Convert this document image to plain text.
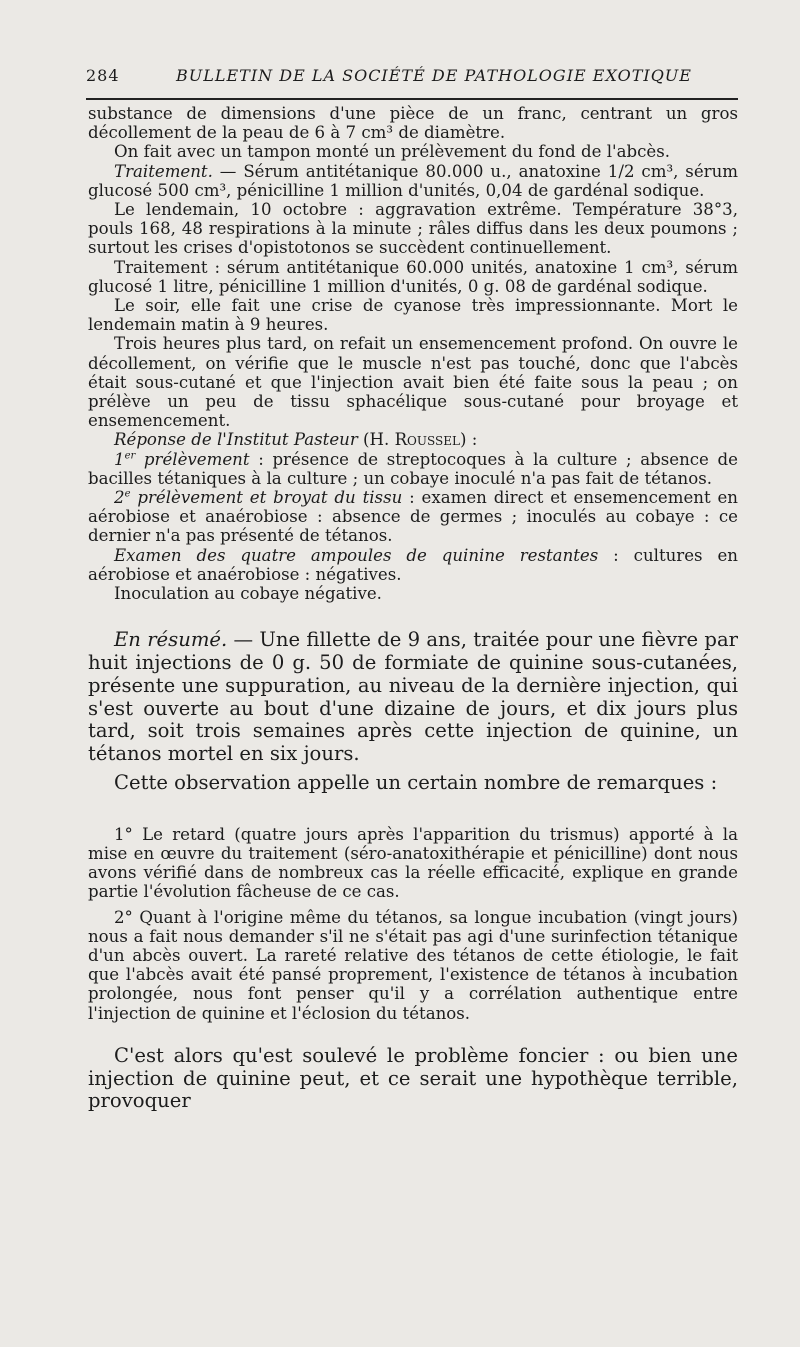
284	BULLETIN DE LA SOCIÉTÉ DE PATHOLOGIE EXOTIQUE

substance de dimensions d'une pièce de un franc, centrant un gros décollement de la peau de 6 à 7 cm³ de diamètre.

On fait avec un tampon monté un prélèvement du fond de l'abcès.

Traitement. — Sérum antitétanique 80.000 u., anatoxine 1/2 cm³, sérum glucosé 500 cm³, pénicilline 1 million d'unités, 0,04 de gardénal sodique.

Le lendemain, 10 octobre : aggravation extrême. Température 38°3, pouls 168, 48 respirations à la minute ; râles diffus dans les deux poumons ; surtout les crises d'opistotonos se succèdent continuellement.

Traitement : sérum antitétanique 60.000 unités, anatoxine 1 cm³, sérum glucosé 1 litre, pénicilline 1 million d'unités, 0 g. 08 de gardénal sodique.

Le soir, elle fait une crise de cyanose très impressionnante. Mort le lendemain matin à 9 heures.

Trois heures plus tard, on refait un ensemencement profond. On ouvre le décollement, on vérifie que le muscle n'est pas touché, donc que l'abcès était sous-cutané et que l'injection avait bien été faite sous la peau ; on prélève un peu de tissu sphacélique sous-cutané pour broyage et ensemencement.

Réponse de l'Institut Pasteur (H. Roussel) :

1er prélèvement : présence de streptocoques à la culture ; absence de bacilles tétaniques à la culture ; un cobaye inoculé n'a pas fait de tétanos.

2e prélèvement et broyat du tissu : examen direct et ensemencement en aérobiose et anaérobiose : absence de germes ; inoculés au cobaye : ce dernier n'a pas présenté de tétanos.

Examen des quatre ampoules de quinine restantes : cultures en aérobiose et anaérobiose : négatives.

Inoculation au cobaye négative.

En résumé. — Une fillette de 9 ans, traitée pour une fièvre par huit injections de 0 g. 50 de formiate de quinine sous-cutanées, présente une suppuration, au niveau de la dernière injection, qui s'est ouverte au bout d'une dizaine de jours, et dix jours plus tard, soit trois semaines après cette injection de quinine, un tétanos mortel en six jours.

Cette observation appelle un certain nombre de remarques :

1° Le retard (quatre jours après l'apparition du trismus) apporté à la mise en œuvre du traitement (séro-anatoxithérapie et pénicilline) dont nous avons vérifié dans de nombreux cas la réelle efficacité, explique en grande partie l'évolution fâcheuse de ce cas.

2° Quant à l'origine même du tétanos, sa longue incubation (vingt jours) nous a fait nous demander s'il ne s'était pas agi d'une surinfection tétanique d'un abcès ouvert. La rareté relative des tétanos de cette étiologie, le fait que l'abcès avait été pansé proprement, l'existence de tétanos à incubation prolongée, nous font penser qu'il y a corrélation authentique entre l'injection de quinine et l'éclosion du tétanos.

C'est alors qu'est soulevé le problème foncier : ou bien une injection de quinine peut, et ce serait une hypothèque terrible, provoquer
